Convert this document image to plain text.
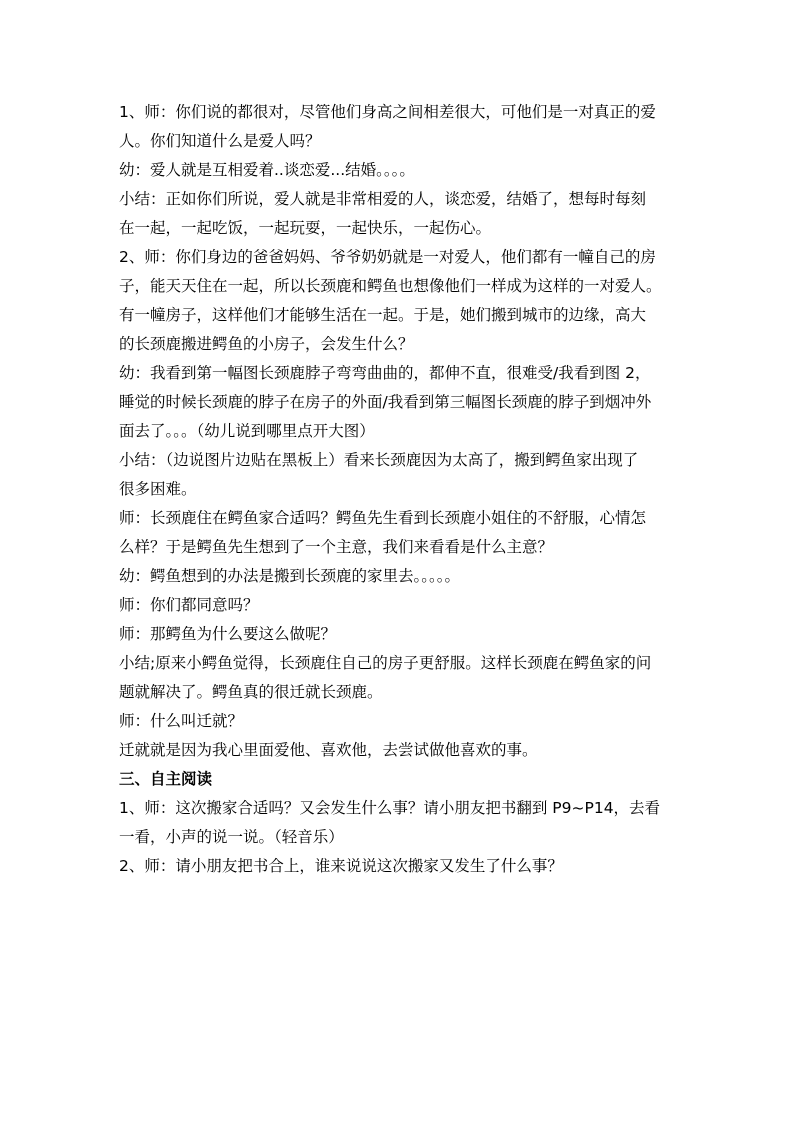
1、师：你们说的都很对，尽管他们身高之间相差很大，可他们是一对真正的爱
人。你们知道什么是爱人吗？

幼：爱人就是互相爱着..谈恋爱...结婚。。。。

小结：正如你们所说，爱人就是非常相爱的人，谈恋爱，结婚了，想每时每刻
在一起，一起吃饭，一起玩耍，一起快乐，一起伤心。

2、师：你们身边的爸爸妈妈、爷爷奶奶就是一对爱人，他们都有一幢自己的房
子，能天天住在一起，所以长颈鹿和鳄鱼也想像他们一样成为这样的一对爱人。
有一幢房子，这样他们才能够生活在一起。于是，她们搬到城市的边缘，高大
的长颈鹿搬进鳄鱼的小房子，会发生什么？

幼：我看到第一幅图长颈鹿脖子弯弯曲曲的，都伸不直，很难受/我看到图 2，
睡觉的时候长颈鹿的脖子在房子的外面/我看到第三幅图长颈鹿的脖子到烟冲外
面去了。。。（幼儿说到哪里点开大图）

小结：（边说图片边贴在黑板上）看来长颈鹿因为太高了，搬到鳄鱼家出现了
很多困难。

师：长颈鹿住在鳄鱼家合适吗？鳄鱼先生看到长颈鹿小姐住的不舒服，心情怎
么样？于是鳄鱼先生想到了一个主意，我们来看看是什么主意？

幼：鳄鱼想到的办法是搬到长颈鹿的家里去。。。。。

师：你们都同意吗？

师：那鳄鱼为什么要这么做呢？

小结;原来小鳄鱼觉得，长颈鹿住自己的房子更舒服。这样长颈鹿在鳄鱼家的问
题就解决了。鳄鱼真的很迁就长颈鹿。

师：什么叫迁就？

迁就就是因为我心里面爱他、喜欢他，去尝试做他喜欢的事。

三、自主阅读

1、师：这次搬家合适吗？又会发生什么事？请小朋友把书翻到 P9~P14，去看
一看，小声的说一说。（轻音乐）

2、师：请小朋友把书合上，谁来说说这次搬家又发生了什么事？
